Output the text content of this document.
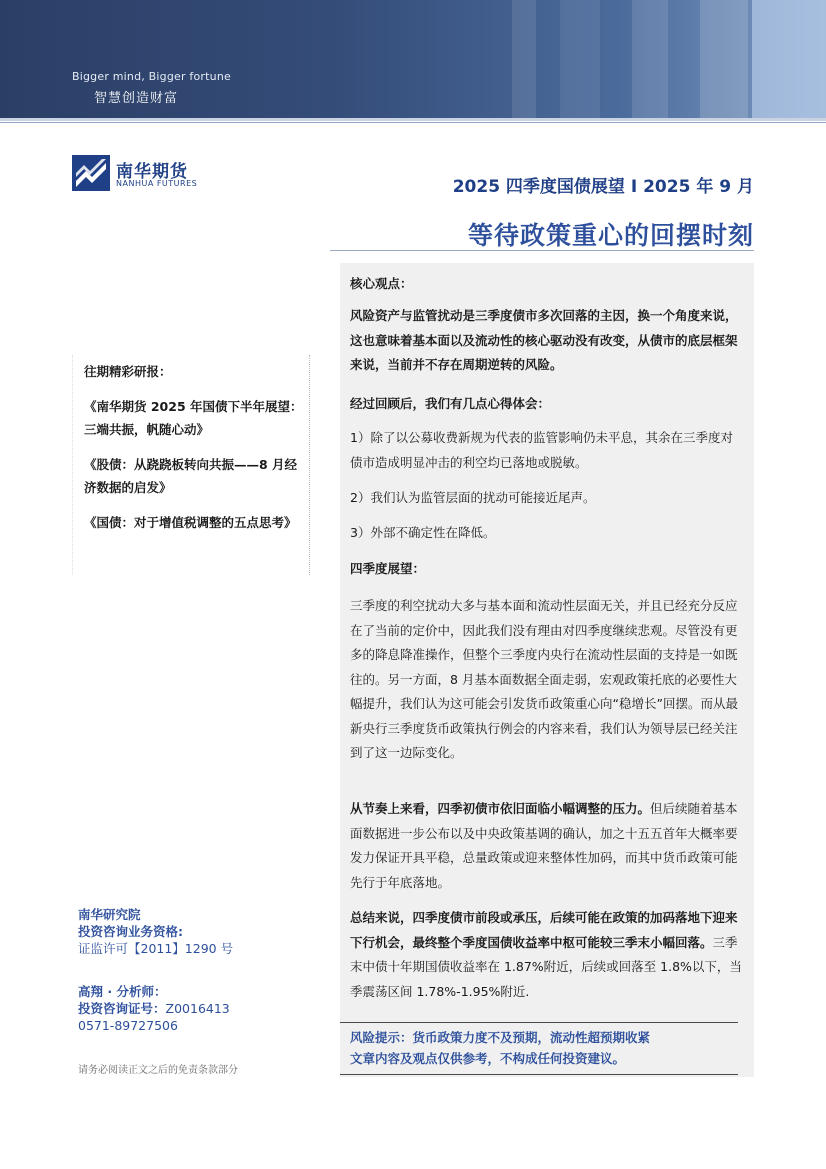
Bigger mind, Bigger fortune
智慧创造财富
南华期货
NANHUA FUTURES	2025 四季度国债展望 Ⅰ 2025 年 9 月
等待政策重心的回摆时刻
往期精彩研报：
《南华期货 2025 年国债下半年展望：三端共振，帆随心动》
《股债：从跷跷板转向共振——8 月经济数据的启发》
《国债：对于增值税调整的五点思考》
南华研究院
投资咨询业务资格:
证监许可【2011】1290 号
高翔 · 分析师：
投资咨询证号：Z0016413
0571-89727506
请务必阅读正文之后的免责条款部分
核心观点：
风险资产与监管扰动是三季度债市多次回落的主因，换一个角度来说，这也意味着基本面以及流动性的核心驱动没有改变，从债市的底层框架来说，当前并不存在周期逆转的风险。
经过回顾后，我们有几点心得体会：
1）除了以公募收费新规为代表的监管影响仍未平息，其余在三季度对债市造成明显冲击的利空均已落地或脱敏。
2）我们认为监管层面的扰动可能接近尾声。
3）外部不确定性在降低。
四季度展望：
三季度的利空扰动大多与基本面和流动性层面无关，并且已经充分反应在了当前的定价中，因此我们没有理由对四季度继续悲观。尽管没有更多的降息降准操作，但整个三季度内央行在流动性层面的支持是一如既往的。另一方面，8 月基本面数据全面走弱，宏观政策托底的必要性大幅提升，我们认为这可能会引发货币政策重心向“稳增长”回摆。而从最新央行三季度货币政策执行例会的内容来看，我们认为领导层已经关注到了这一边际变化。
从节奏上来看，四季初债市依旧面临小幅调整的压力。但后续随着基本面数据进一步公布以及中央政策基调的确认，加之十五五首年大概率要发力保证开具平稳，总量政策或迎来整体性加码，而其中货币政策可能先行于年底落地。
总结来说，四季度债市前段或承压，后续可能在政策的加码落地下迎来下行机会，最终整个季度国债收益率中枢可能较三季末小幅回落。三季末中债十年期国债收益率在 1.87%附近，后续或回落至 1.8%以下，当季震荡区间 1.78%-1.95%附近.
风险提示：货币政策力度不及预期，流动性超预期收紧
文章内容及观点仅供参考，不构成任何投资建议。
